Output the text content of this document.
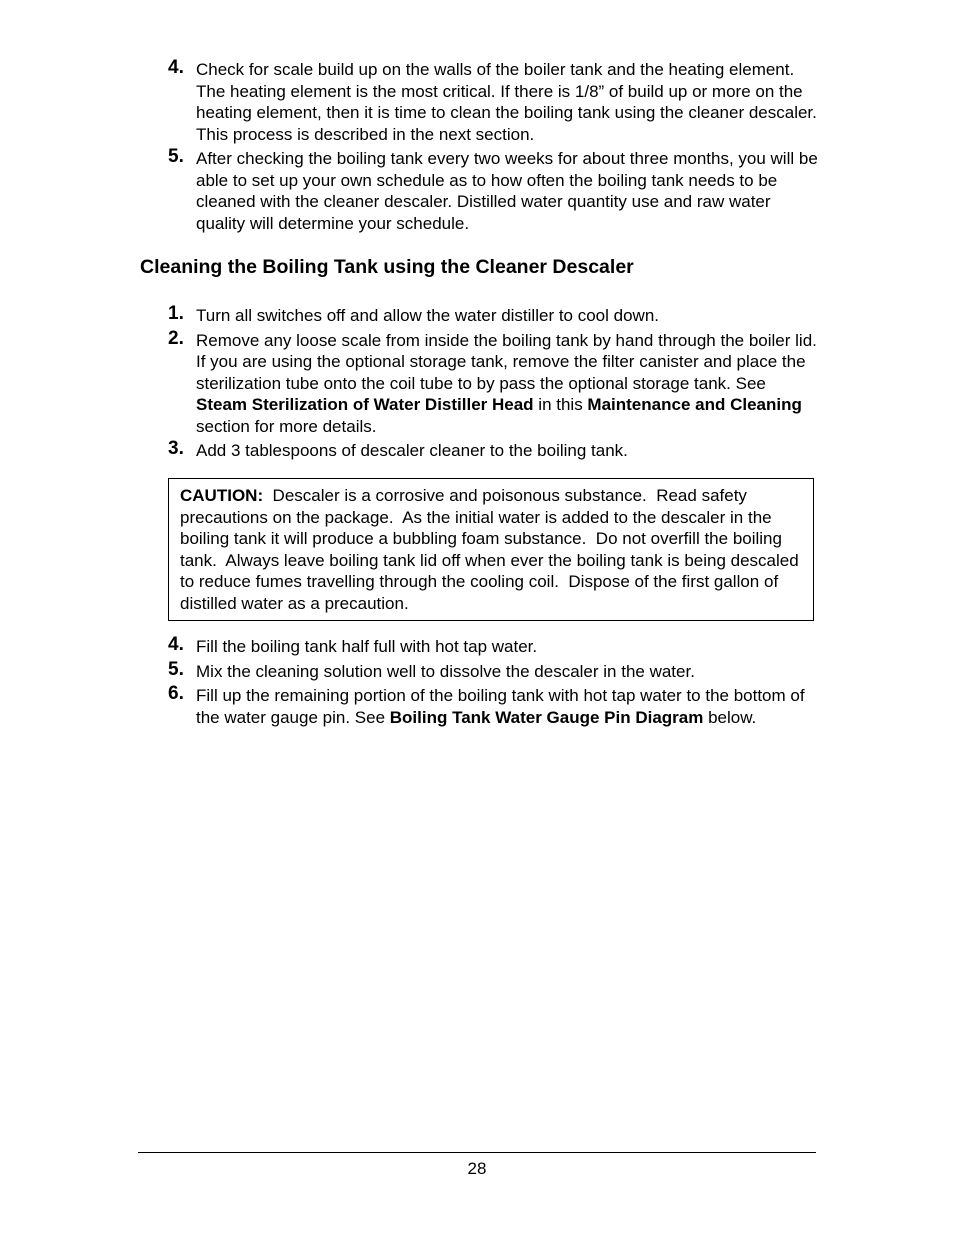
4. Check for scale build up on the walls of the boiler tank and the heating element. The heating element is the most critical. If there is 1/8” of build up or more on the heating element, then it is time to clean the boiling tank using the cleaner descaler. This process is described in the next section.
5. After checking the boiling tank every two weeks for about three months, you will be able to set up your own schedule as to how often the boiling tank needs to be cleaned with the cleaner descaler. Distilled water quantity use and raw water quality will determine your schedule.
Cleaning the Boiling Tank using the Cleaner Descaler
1. Turn all switches off and allow the water distiller to cool down.
2. Remove any loose scale from inside the boiling tank by hand through the boiler lid. If you are using the optional storage tank, remove the filter canister and place the sterilization tube onto the coil tube to by pass the optional storage tank. See Steam Sterilization of Water Distiller Head in this Maintenance and Cleaning section for more details.
3. Add 3 tablespoons of descaler cleaner to the boiling tank.
CAUTION:  Descaler is a corrosive and poisonous substance.  Read safety precautions on the package.  As the initial water is added to the descaler in the boiling tank it will produce a bubbling foam substance.  Do not overfill the boiling tank.  Always leave boiling tank lid off when ever the boiling tank is being descaled to reduce fumes travelling through the cooling coil.  Dispose of the first gallon of distilled water as a precaution.
4. Fill the boiling tank half full with hot tap water.
5. Mix the cleaning solution well to dissolve the descaler in the water.
6. Fill up the remaining portion of the boiling tank with hot tap water to the bottom of the water gauge pin. See Boiling Tank Water Gauge Pin Diagram below.
28
